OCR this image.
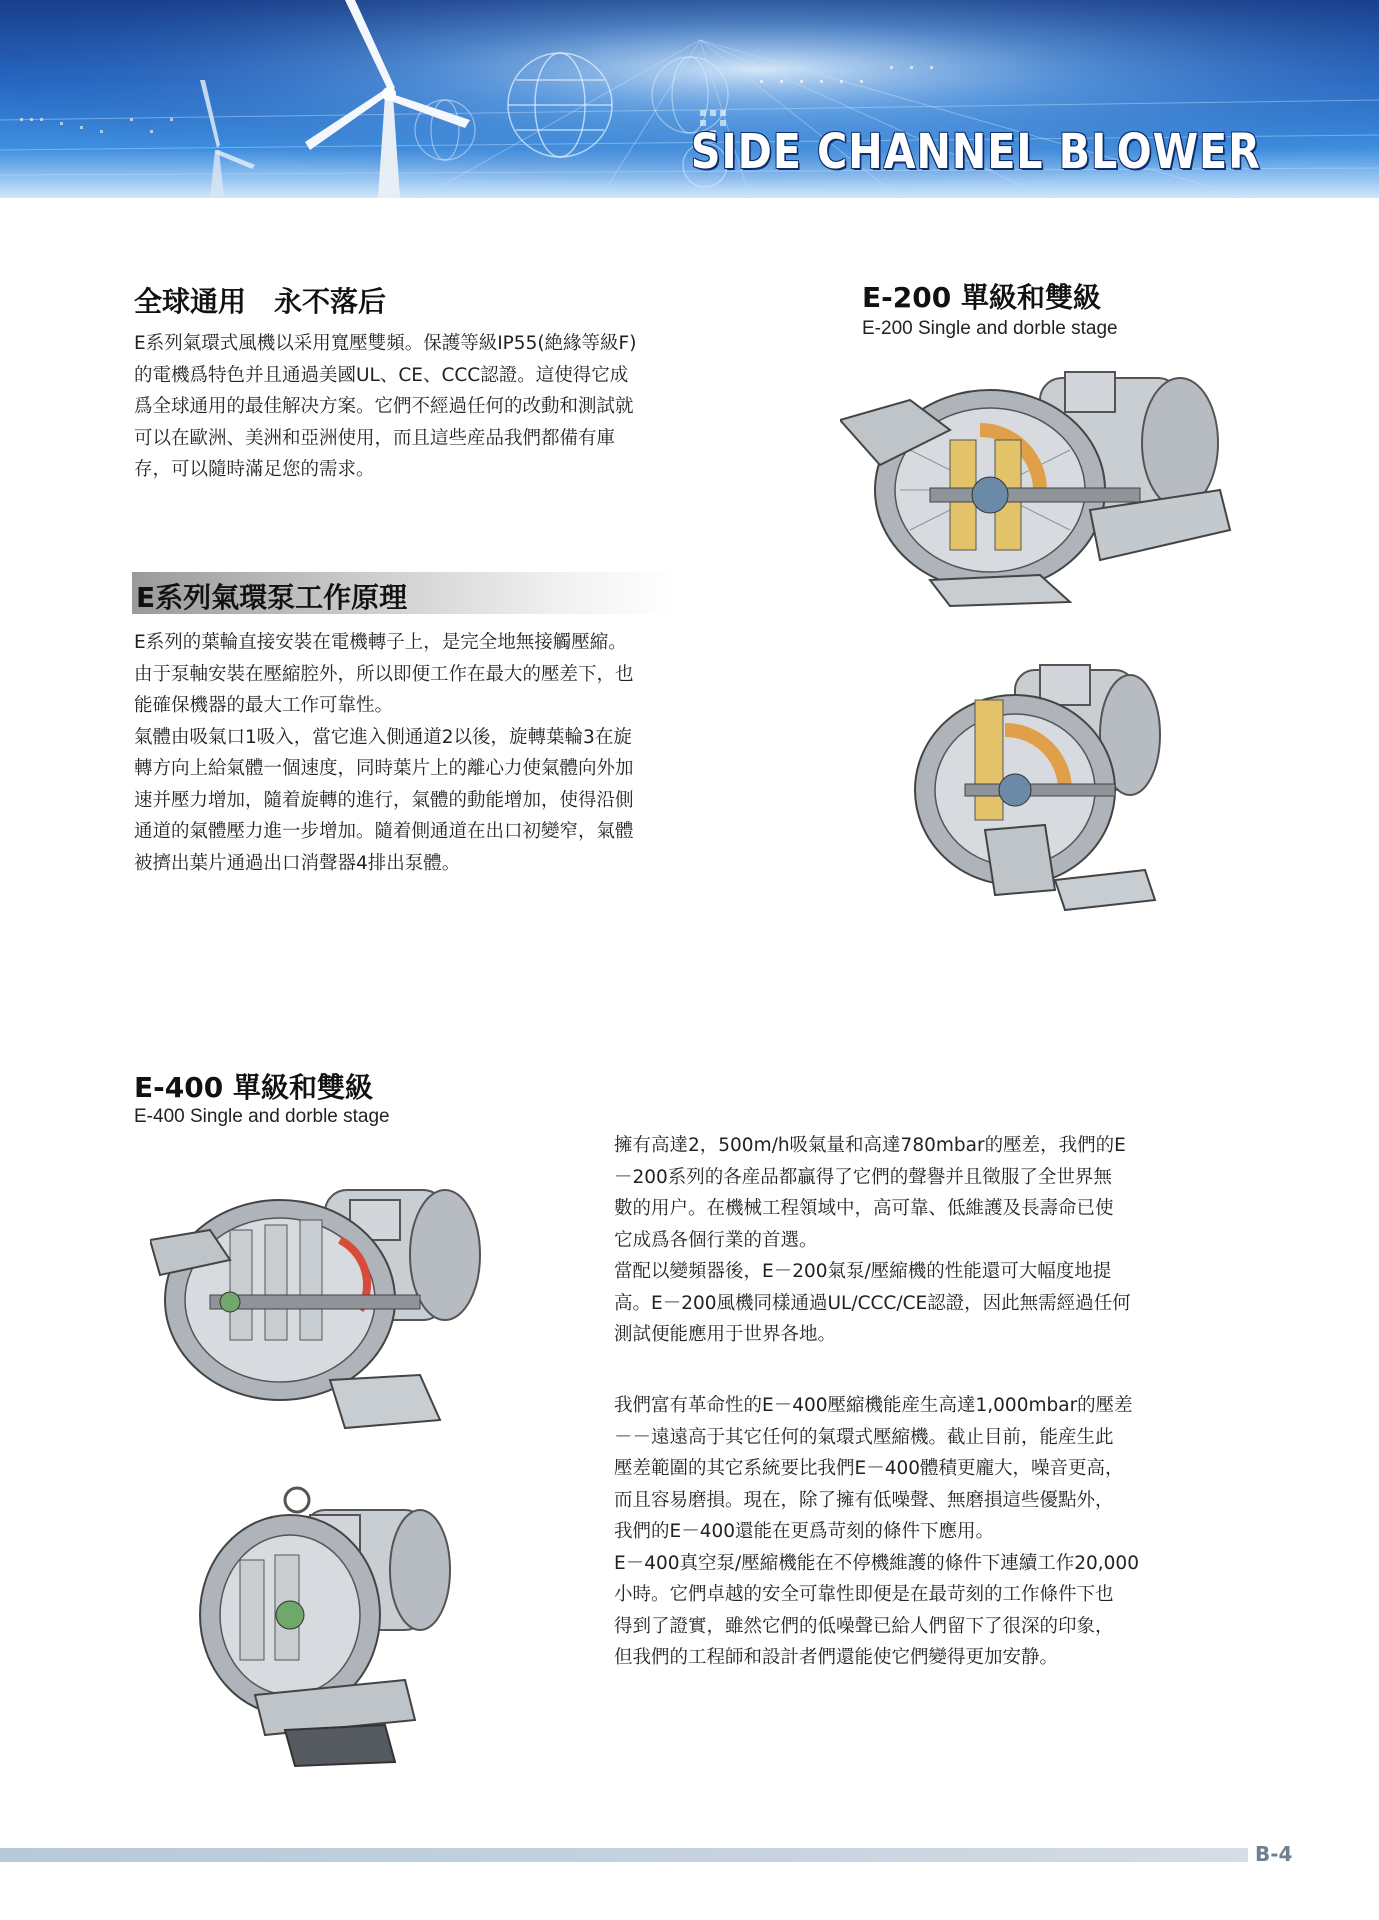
SIDE CHANNEL BLOWER
全球通用　永不落后

E系列氣環式風機以采用寬壓雙頻。保護等級IP55(絶緣等級F)

的電機爲特色并且通過美國UL、CE、CCC認證。這使得它成

爲全球通用的最佳解决方案。它們不經過任何的改動和測試就

可以在歐洲、美洲和亞洲使用，而且這些産品我們都備有庫

存，可以隨時滿足您的需求。

E系列氣環泵工作原理

E系列的葉輪直接安裝在電機轉子上，是完全地無接觸壓縮。

由于泵軸安裝在壓縮腔外，所以即便工作在最大的壓差下，也

能確保機器的最大工作可靠性。

氣體由吸氣口1吸入，當它進入側通道2以後，旋轉葉輪3在旋

轉方向上給氣體一個速度，同時葉片上的離心力使氣體向外加

速并壓力增加，隨着旋轉的進行，氣體的動能增加，使得沿側

通道的氣體壓力進一步增加。隨着側通道在出口初變窄，氣體

被擠出葉片通過出口消聲器4排出泵體。

E-200 單級和雙級
E-200 Single and dorble stage
E-400 單級和雙級
E-400 Single and dorble stage

擁有高達2，500m/h吸氣量和高達780mbar的壓差，我們的E

－200系列的各産品都贏得了它們的聲譽并且徵服了全世界無

數的用户。在機械工程領域中，高可靠、低維護及長壽命已使

它成爲各個行業的首選。

當配以變頻器後，E－200氣泵/壓縮機的性能還可大幅度地提

高。E－200風機同樣通過UL/CCC/CE認證，因此無需經過任何

測試便能應用于世界各地。

我們富有革命性的E－400壓縮機能産生高達1,000mbar的壓差

－－遠遠高于其它任何的氣環式壓縮機。截止目前，能産生此

壓差範圍的其它系統要比我們E－400體積更龐大，噪音更高，

而且容易磨損。現在，除了擁有低噪聲、無磨損這些優點外，

我們的E－400還能在更爲苛刻的條件下應用。

E－400真空泵/壓縮機能在不停機維護的條件下連續工作20,000

小時。它們卓越的安全可靠性即便是在最苛刻的工作條件下也

得到了證實，雖然它們的低噪聲已給人們留下了很深的印象，

但我們的工程師和設計者們還能使它們變得更加安静。

B-4
